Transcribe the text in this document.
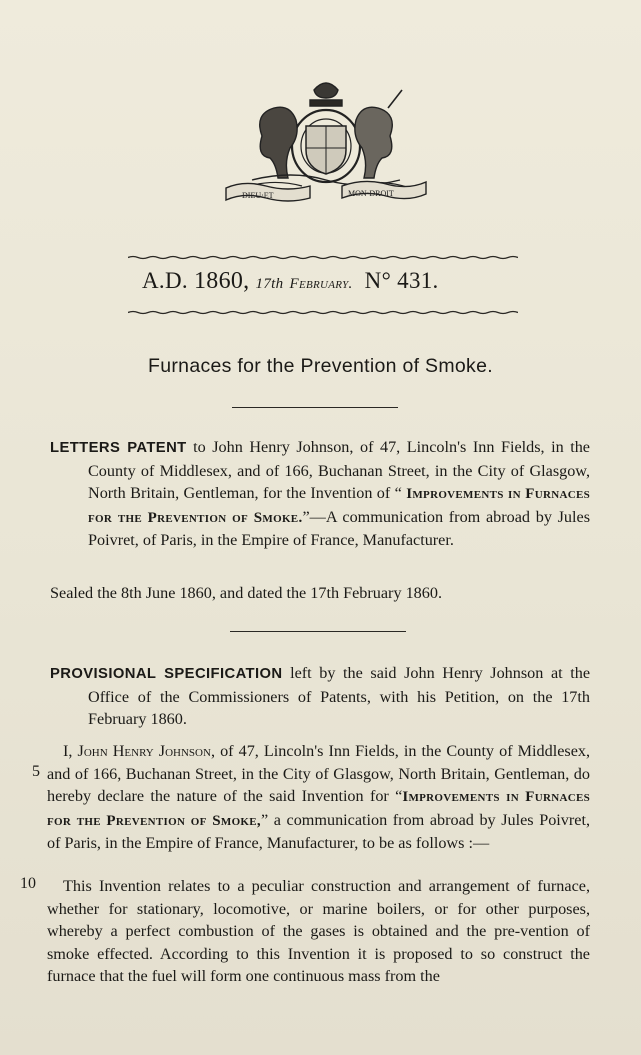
DIEU·ET	MON·DROIT
A.D. 1860, 17th February. N° 431.
Furnaces for the Prevention of Smoke.
LETTERS PATENT to John Henry Johnson, of 47, Lincoln's Inn Fields, in the County of Middlesex, and of 166, Buchanan Street, in the City of Glasgow, North Britain, Gentleman, for the Invention of “ Improvements in Furnaces for the Prevention of Smoke.”—A communication from abroad by Jules Poivret, of Paris, in the Empire of France, Manufacturer.
Sealed the 8th June 1860, and dated the 17th February 1860.
PROVISIONAL SPECIFICATION left by the said John Henry Johnson at the Office of the Commissioners of Patents, with his Petition, on the 17th February 1860.
I, John Henry Johnson, of 47, Lincoln's Inn Fields, in the County of Middlesex, and of 166, Buchanan Street, in the City of Glasgow, North Britain, Gentleman, do hereby declare the nature of the said Invention for “Improvements in Furnaces for the Prevention of Smoke,” a communication from abroad by Jules Poivret, of Paris, in the Empire of France, Manufacturer, to be as follows :—
This Invention relates to a peculiar construction and arrangement of furnace, whether for stationary, locomotive, or marine boilers, or for other purposes, whereby a perfect combustion of the gases is obtained and the pre-vention of smoke effected. According to this Invention it is proposed to so construct the furnace that the fuel will form one continuous mass from the
5
10
